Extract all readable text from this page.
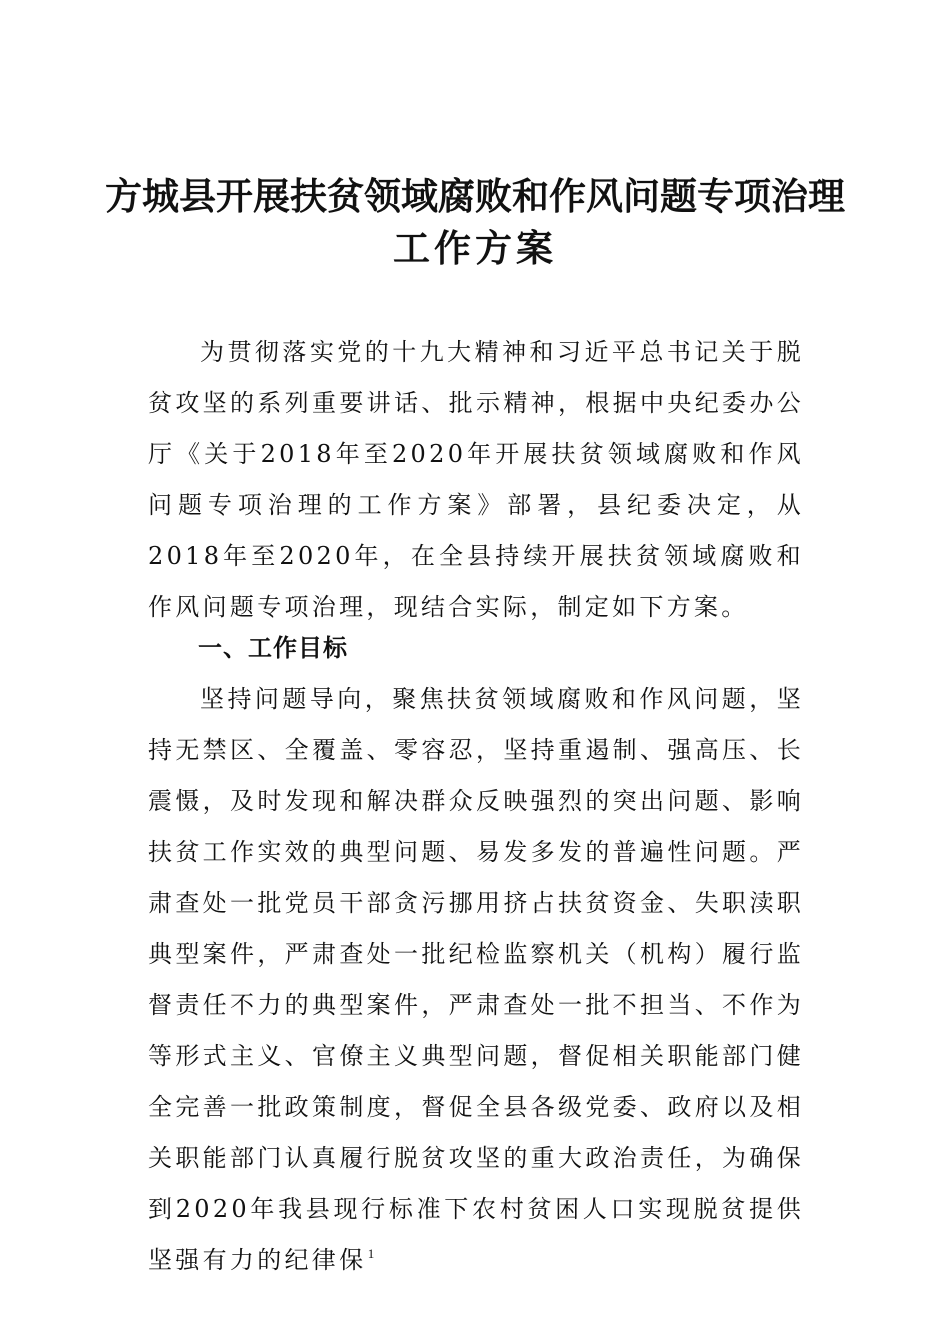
方城县开展扶贫领域腐败和作风问题专项治理
工作方案

为贯彻落实党的十九大精神和习近平总书记关于脱贫攻坚的系列重要讲话、批示精神，根据中央纪委办公厅《关于2018年至2020年开展扶贫领域腐败和作风问题专项治理的工作方案》部署，县纪委决定，从2018年至2020年，在全县持续开展扶贫领域腐败和作风问题专项治理，现结合实际，制定如下方案。

一、工作目标

坚持问题导向，聚焦扶贫领域腐败和作风问题，坚持无禁区、全覆盖、零容忍，坚持重遏制、强高压、长震慑，及时发现和解决群众反映强烈的突出问题、影响扶贫工作实效的典型问题、易发多发的普遍性问题。严肃查处一批党员干部贪污挪用挤占扶贫资金、失职渎职典型案件，严肃查处一批纪检监察机关（机构）履行监督责任不力的典型案件，严肃查处一批不担当、不作为等形式主义、官僚主义典型问题，督促相关职能部门健全完善一批政策制度，督促全县各级党委、政府以及相关职能部门认真履行脱贫攻坚的重大政治责任，为确保到2020年我县现行标准下农村贫困人口实现脱贫提供坚强有力的纪律保 1
